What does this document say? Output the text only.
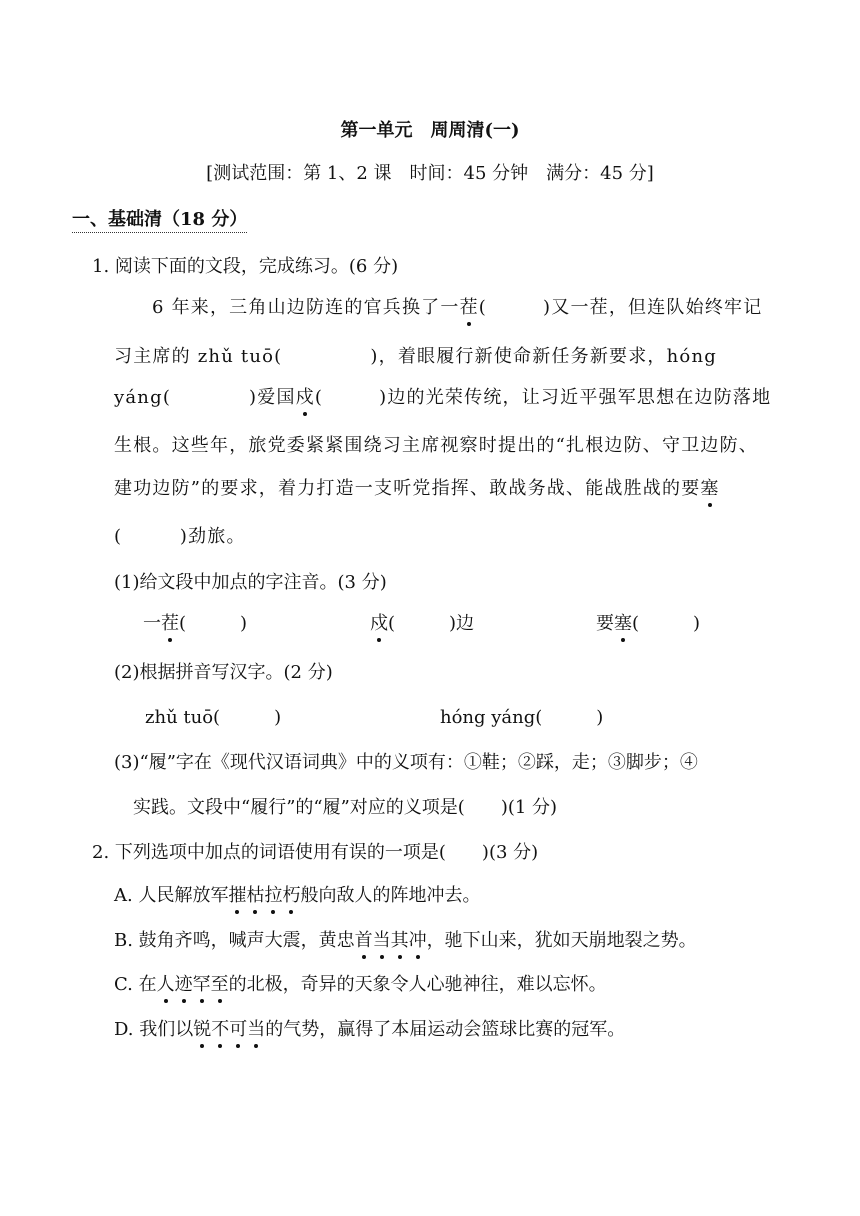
第一单元　周周清(一)
[测试范围：第 1、2 课　时间：45 分钟　满分：45 分]
一、基础清（18 分）
1. 阅读下面的文段，完成练习。(6 分)
6 年来，三角山边防连的官兵换了一茬(	)又一茬，但连队始终牢记
习主席的 zhǔ tuō(	)，着眼履行新使命新任务新要求，hóng
yáng(	)爱国戍(	)边的光荣传统，让习近平强军思想在边防落地
生根。这些年，旅党委紧紧围绕习主席视察时提出的“扎根边防、守卫边防、
建功边防”的要求，着力打造一支听党指挥、敢战务战、能战胜战的要塞
(　　　)劲旅。
(1)给文段中加点的字注音。(3 分)
一茬(　　　)	戍(　　　)边	要塞(　　　)
(2)根据拼音写汉字。(2 分)
zhǔ tuō(　　　)	hóng yáng(　　　)
(3)“履”字在《现代汉语词典》中的义项有：①鞋；②踩，走；③脚步；④
实践。文段中“履行”的“履”对应的义项是(　　)(1 分)
2. 下列选项中加点的词语使用有误的一项是(　　)(3 分)
A. 人民解放军摧枯拉朽般向敌人的阵地冲去。
B. 鼓角齐鸣，喊声大震，黄忠首当其冲，驰下山来，犹如天崩地裂之势。
C. 在人迹罕至的北极，奇异的天象令人心驰神往，难以忘怀。
D. 我们以锐不可当的气势，赢得了本届运动会篮球比赛的冠军。
